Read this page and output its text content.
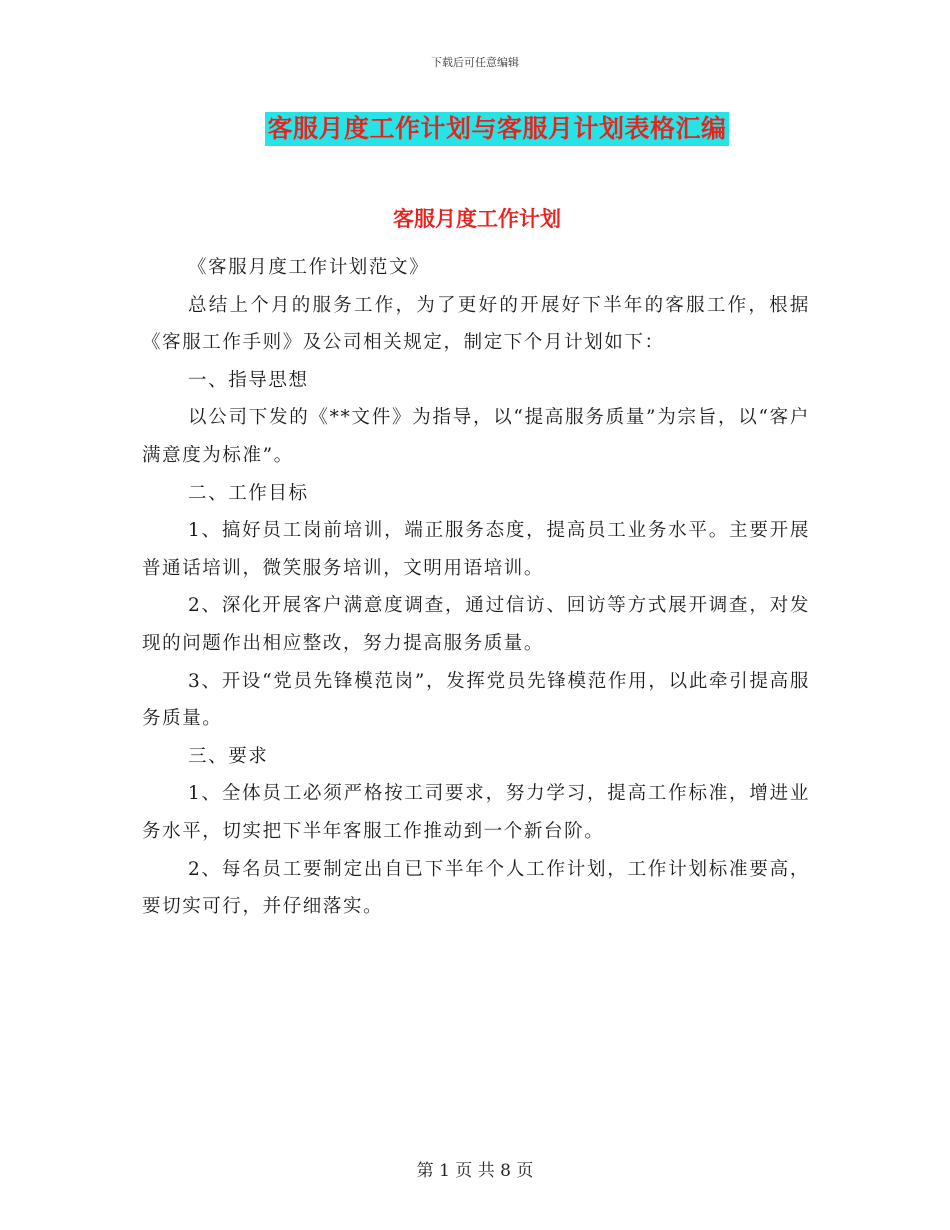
下载后可任意编辑
客服月度工作计划与客服月计划表格汇编
客服月度工作计划

《客服月度工作计划范文》

总结上个月的服务工作，为了更好的开展好下半年的客服工作，根据《客服工作手则》及公司相关规定，制定下个月计划如下：

一、指导思想

以公司下发的《**文件》为指导，以“提高服务质量”为宗旨，以“客户满意度为标准”。

二、工作目标

1、搞好员工岗前培训，端正服务态度，提高员工业务水平。主要开展普通话培训，微笑服务培训，文明用语培训。

2、深化开展客户满意度调查，通过信访、回访等方式展开调查，对发现的问题作出相应整改，努力提高服务质量。

3、开设“党员先锋模范岗”，发挥党员先锋模范作用，以此牵引提高服务质量。

三、要求

1、全体员工必须严格按工司要求，努力学习，提高工作标准，增进业务水平，切实把下半年客服工作推动到一个新台阶。

2、每名员工要制定出自已下半年个人工作计划，工作计划标准要高，要切实可行，并仔细落实。

第 1 页 共 8 页
